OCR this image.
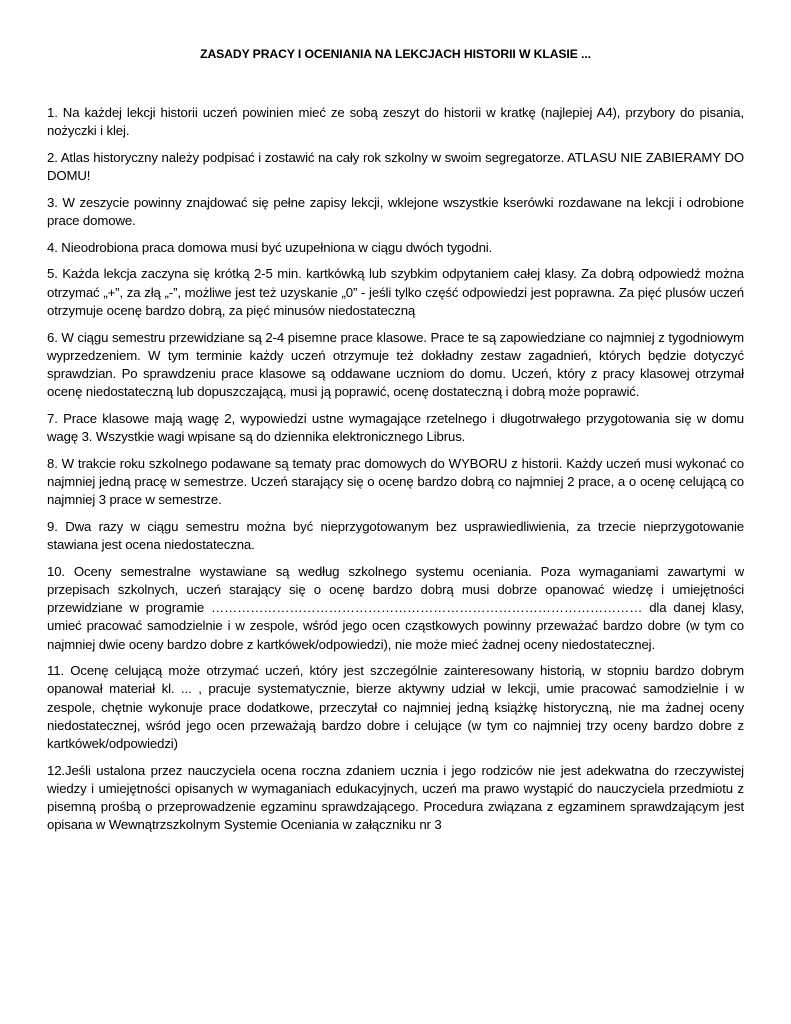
ZASADY PRACY I OCENIANIA NA LEKCJACH HISTORII W KLASIE ...

1. Na każdej lekcji historii uczeń powinien mieć ze sobą zeszyt do historii w kratkę (najlepiej A4), przybory do pisania, nożyczki i klej.

2. Atlas historyczny należy podpisać i zostawić na cały rok szkolny w swoim segregatorze. ATLASU NIE ZABIERAMY DO DOMU!

3. W zeszycie powinny znajdować się pełne zapisy lekcji, wklejone wszystkie kserówki rozdawane na lekcji i odrobione prace domowe.

4. Nieodrobiona praca domowa musi być uzupełniona w ciągu dwóch tygodni.

5. Każda lekcja zaczyna się krótką 2-5 min. kartkówką lub szybkim odpytaniem całej klasy. Za dobrą odpowiedź można otrzymać „+”, za złą „-”, możliwe jest też uzyskanie „0” - jeśli tylko część odpowiedzi jest poprawna. Za pięć plusów uczeń otrzymuje ocenę bardzo dobrą, za pięć minusów niedostateczną

6. W ciągu semestru przewidziane są 2-4 pisemne prace klasowe. Prace te są zapowiedziane co najmniej z tygodniowym wyprzedzeniem. W tym terminie każdy uczeń otrzymuje też dokładny zestaw zagadnień, których będzie dotyczyć sprawdzian. Po sprawdzeniu prace klasowe są oddawane uczniom do domu. Uczeń, który z pracy klasowej otrzymał ocenę niedostateczną lub dopuszczającą, musi ją poprawić, ocenę dostateczną i dobrą może poprawić.

7. Prace klasowe mają wagę 2, wypowiedzi ustne wymagające rzetelnego i długotrwałego przygotowania się w domu wagę 3. Wszystkie wagi wpisane są do dziennika elektronicznego Librus.

8. W trakcie roku szkolnego podawane są tematy prac domowych do WYBORU z historii. Każdy uczeń musi wykonać co najmniej jedną pracę w semestrze. Uczeń starający się o ocenę bardzo dobrą co najmniej 2 prace, a o ocenę celującą co najmniej 3 prace w semestrze.

9. Dwa razy w ciągu semestru można być nieprzygotowanym bez usprawiedliwienia, za trzecie nieprzygotowanie stawiana jest ocena niedostateczna.

10. Oceny semestralne wystawiane są według szkolnego systemu oceniania. Poza wymaganiami zawartymi w przepisach szkolnych, uczeń starający się o ocenę bardzo dobrą musi dobrze opanować wiedzę i umiejętności przewidziane w programie ……………………………………………………………………………………… dla danej klasy, umieć pracować samodzielnie i w zespole, wśród jego ocen cząstkowych powinny przeważać bardzo dobre (w tym co najmniej dwie oceny bardzo dobre z kartkówek/odpowiedzi), nie może mieć żadnej oceny niedostatecznej.

11. Ocenę celującą może otrzymać uczeń, który jest szczególnie zainteresowany historią, w stopniu bardzo dobrym opanował materiał kl. ... , pracuje systematycznie, bierze aktywny udział w lekcji, umie pracować samodzielnie i w zespole, chętnie wykonuje prace dodatkowe, przeczytał co najmniej jedną książkę historyczną, nie ma żadnej oceny niedostatecznej, wśród jego ocen przeważają bardzo dobre i celujące (w tym co najmniej trzy oceny bardzo dobre z kartkówek/odpowiedzi)

12.Jeśli ustalona przez nauczyciela ocena roczna zdaniem ucznia i jego rodziców nie jest adekwatna do rzeczywistej wiedzy i umiejętności opisanych w wymaganiach edukacyjnych, uczeń ma prawo wystąpić do nauczyciela przedmiotu z pisemną prośbą o przeprowadzenie egzaminu sprawdzającego. Procedura związana z egzaminem sprawdzającym jest opisana w Wewnątrzszkolnym Systemie Oceniania w załączniku nr 3
